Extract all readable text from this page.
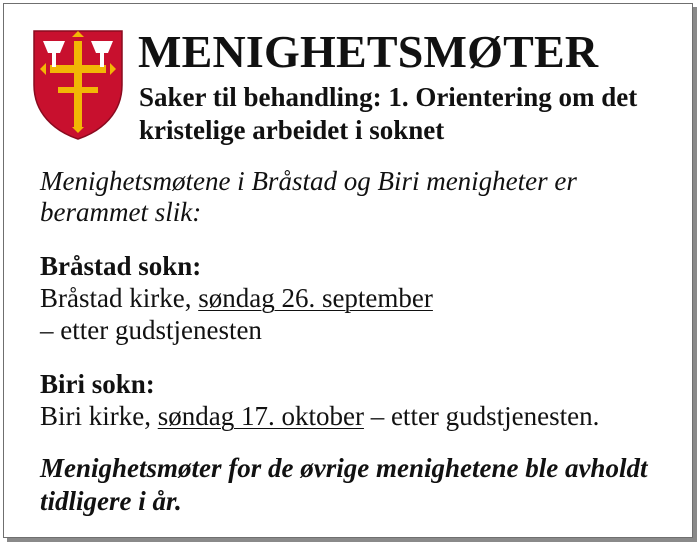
MENIGHETSMØTER

Saker til behandling: 1. Orientering om det kristelige arbeidet i soknet

Menighetsmøtene i Bråstad og Biri menigheter er berammet slik:

Bråstad sokn:

Bråstad kirke, søndag 26. september

– etter gudstjenesten

Biri sokn:

Biri kirke, søndag 17. oktober – etter gudstjenesten.

Menighetsmøter for de øvrige menighetene ble avholdt tidligere i år.
